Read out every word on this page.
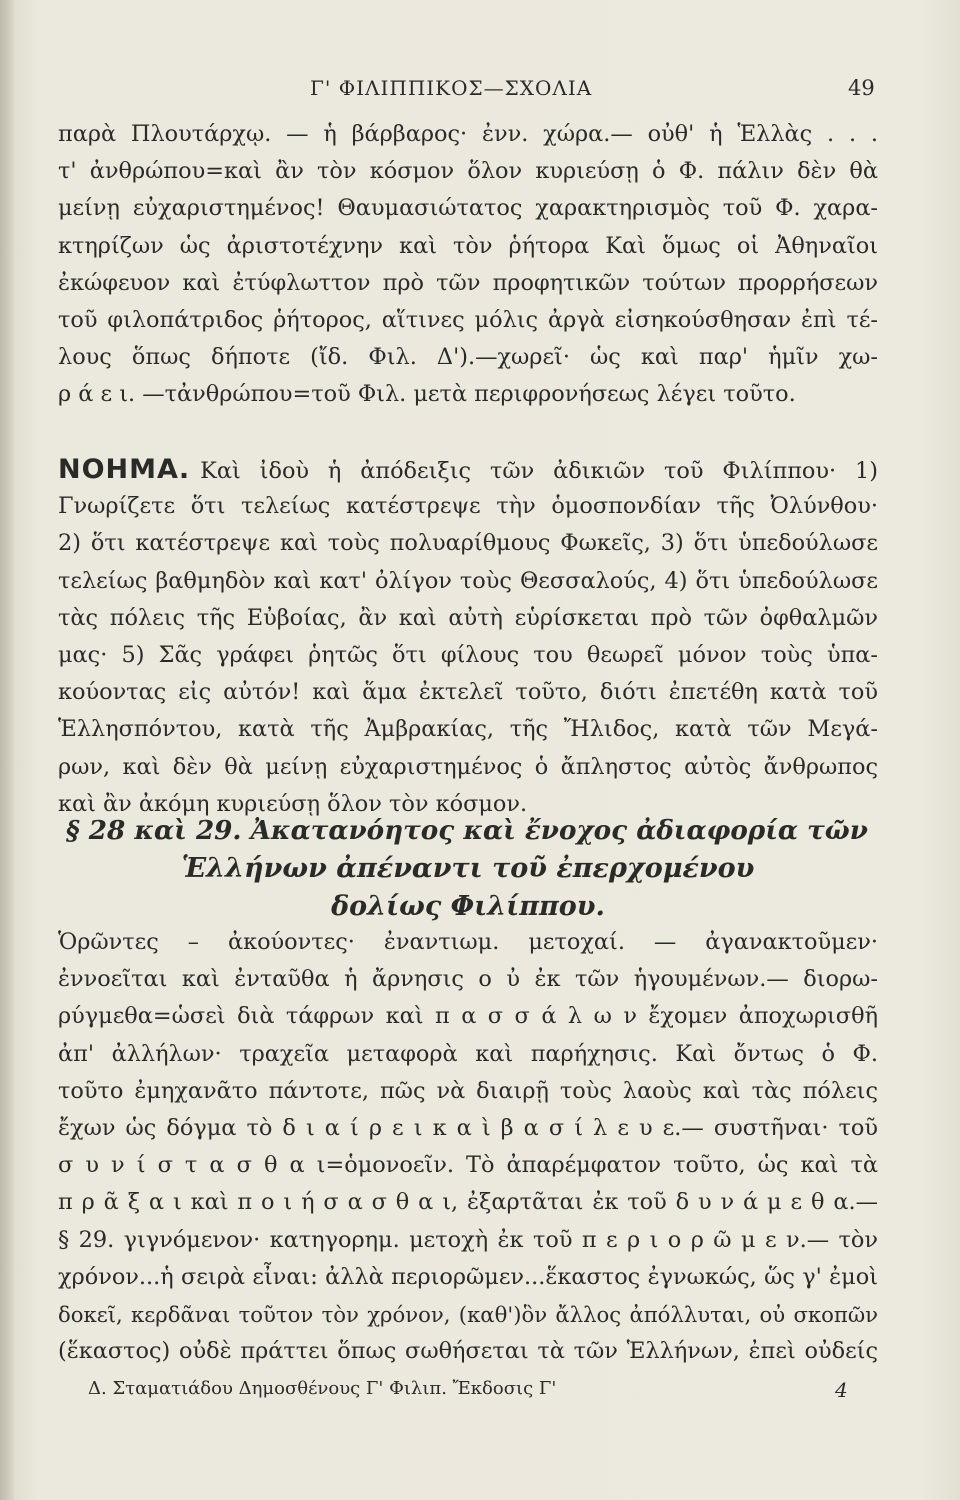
Γ' ΦΙΛΙΠΠΙΚΟΣ—ΣΧΟΛΙΑ	49
παρὰ Πλουτάρχῳ. — ἡ βάρβαρος· ἐνν. χώρα.— οὐθ' ἡ Ἑλλὰς . . .
τ' ἀνθρώπου=καὶ ἂν τὸν κόσμον ὅλον κυριεύσῃ ὁ Φ. πάλιν δὲν θὰ
μείνῃ εὐχαριστημένος! Θαυμασιώτατος χαρακτηρισμὸς τοῦ Φ. χαρα-
κτηρίζων ὡς ἀριστοτέχνην καὶ τὸν ῥήτορα Καὶ ὅμως οἱ Ἀθηναῖοι
ἐκώφευον καὶ ἐτύφλωττον πρὸ τῶν προφητικῶν τούτων προρρήσεων
τοῦ φιλοπάτριδος ῥήτορος, αἵτινες μόλις ἀργὰ εἰσηκούσθησαν ἐπὶ τέ-
λους ὅπως δήποτε (ἴδ. Φιλ. Δ').—χωρεῖ· ὡς καὶ παρ' ἡμῖν χω-
ρ ά ε ι. —τἀνθρώπου=τοῦ Φιλ. μετὰ περιφρονήσεως λέγει τοῦτο.
ΝΟΗΜΑ. Καὶ ἰδοὺ ἡ ἀπόδειξις τῶν ἀδικιῶν τοῦ Φιλίππου· 1)
Γνωρίζετε ὅτι τελείως κατέστρεψε τὴν ὁμοσπονδίαν τῆς Ὀλύνθου·
2) ὅτι κατέστρεψε καὶ τοὺς πολυαρίθμους Φωκεῖς, 3) ὅτι ὑπεδούλωσε
τελείως βαθμηδὸν καὶ κατ' ὀλίγον τοὺς Θεσσαλούς, 4) ὅτι ὑπεδούλωσε
τὰς πόλεις τῆς Εὐβοίας, ἂν καὶ αὐτὴ εὑρίσκεται πρὸ τῶν ὀφθαλμῶν
μας· 5) Σᾶς γράφει ῥητῶς ὅτι φίλους του θεωρεῖ μόνον τοὺς ὑπα-
κούοντας εἰς αὐτόν! καὶ ἅμα ἐκτελεῖ τοῦτο, διότι ἐπετέθη κατὰ τοῦ
Ἑλλησπόντου, κατὰ τῆς Ἀμβρακίας, τῆς Ἤλιδος, κατὰ τῶν Μεγά-
ρων, καὶ δὲν θὰ μείνῃ εὐχαριστημένος ὁ ἄπληστος αὐτὸς ἄνθρωπος
καὶ ἂν ἀκόμη κυριεύσῃ ὅλον τὸν κόσμον.
§ 28 καὶ 29. Ἀκατανόητος καὶ ἔνοχος ἀδιαφορία τῶν
Ἑλλήνων ἀπέναντι τοῦ ἐπερχομένου
δολίως Φιλίππου.
Ὁρῶντες – ἀκούοντες· ἐναντιωμ. μετοχαί. — ἀγανακτοῦμεν·
ἐννοεῖται καὶ ἐνταῦθα ἡ ἄρνησις ο ὐ ἐκ τῶν ἡγουμένων.— διορω-
ρύγμεθα=ὡσεὶ διὰ τάφρων καὶ π α σ σ ά λ ω ν ἔχομεν ἀποχωρισθῆ
ἀπ' ἀλλήλων· τραχεῖα μεταφορὰ καὶ παρήχησις. Καὶ ὄντως ὁ Φ.
τοῦτο ἐμηχανᾶτο πάντοτε, πῶς νὰ διαιρῇ τοὺς λαοὺς καὶ τὰς πόλεις
ἔχων ὡς δόγμα τὸ δ ι α ί ρ ε ι κ α ὶ β α σ ί λ ε υ ε.— συστῆναι· τοῦ
σ υ ν ί σ τ α σ θ α ι=ὁμονοεῖν. Τὸ ἀπαρέμφατον τοῦτο, ὡς καὶ τὰ
π ρ ᾶ ξ α ι καὶ π ο ι ή σ α σ θ α ι, ἐξαρτᾶται ἐκ τοῦ δ υ ν ά μ ε θ α.—
§ 29. γιγνόμενον· κατηγορημ. μετοχὴ ἐκ τοῦ π ε ρ ι ο ρ ῶ μ ε ν.— τὸν
χρόνον...ἡ σειρὰ εἶναι: ἀλλὰ περιορῶμεν...ἕκαστος ἐγνωκώς, ὥς γ' ἐμοὶ
δοκεῖ, κερδᾶναι τοῦτον τὸν χρόνον, (καθ')ὃν ἄλλος ἀπόλλυται, οὐ σκοπῶν
(ἕκαστος) οὐδὲ πράττει ὅπως σωθήσεται τὰ τῶν Ἑλλήνων, ἐπεὶ οὐδείς
Δ. Σταματιάδου Δημοσθένους Γ' Φιλιπ. Ἔκδοσις Γ'	4
